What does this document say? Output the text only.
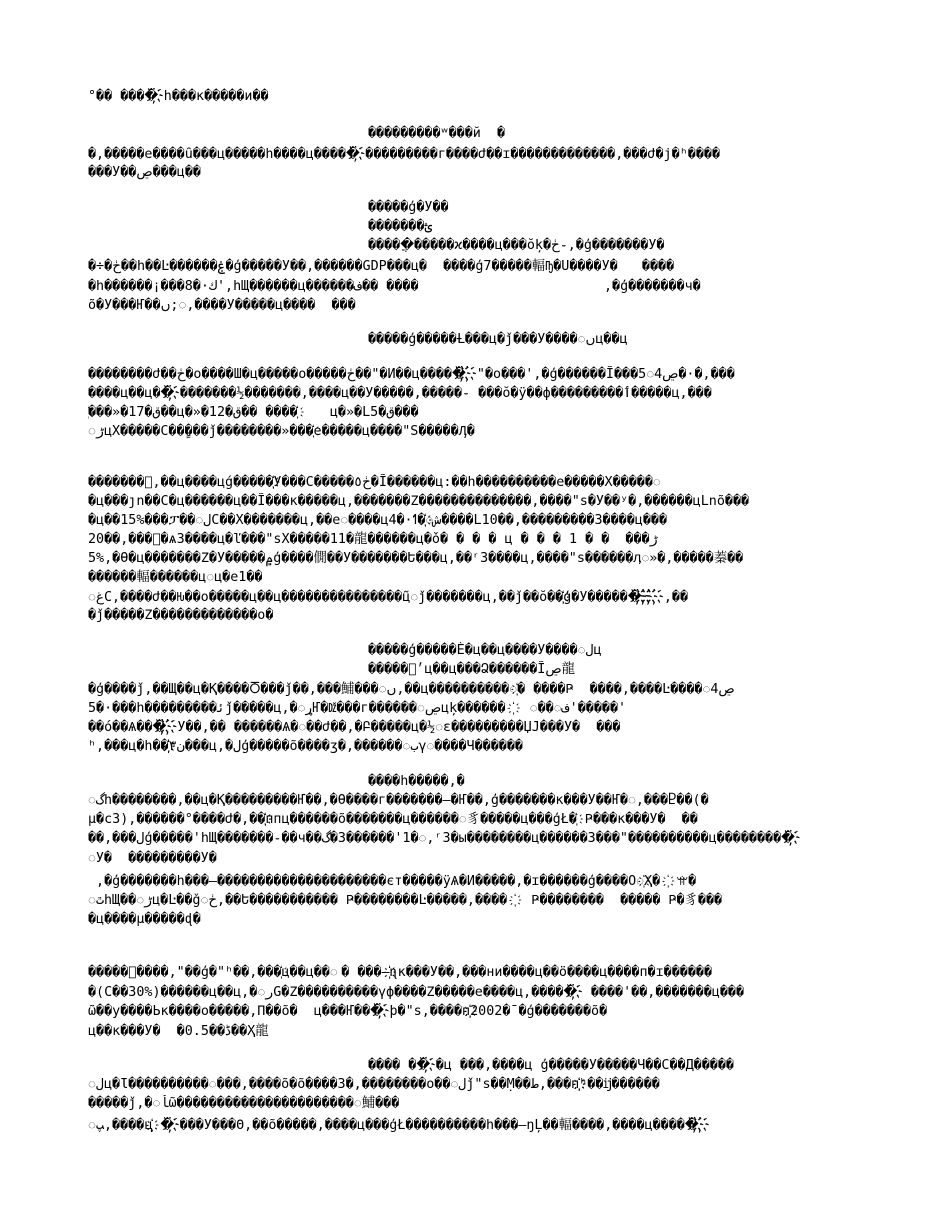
°�� ����҉h���к�����и��
���������ʷ���й  �
�,�����е����ȗ���ц�����h����ц�����҉���������г����ժ��ɪ�������������,���ժ�ϳ�ʰ����
���У��ڝ���ц��
�����ģ�У��
�������ؿ
�����ֲ�����ϰ����ц���ŏķ�ڂ֊,�ģ�������У�
�÷�ڂ��h��Ŀ������ۼ�ģ�����У��,������GDP���ц�  ����ģ7�����輻Ҧ�Ս����У�   ����
�h������¡���8�·ﻙ',hЩ������ц������ﻑ�� ����                       ,�ģ�������ч�
õ�У���Ҥ��ں;ᢆᢆᢆ,����У�����ц����  ���
�����ģ�����Ƚ���ц�ǰ���У����ںᢆц��ц
��������ժ��ڂ�o����Ш�ц�����о�����ڂ��"�И��ц�����҉҉"�о���',�ģ������Ĩ���5ᢆᢆ4ڝ�·�,���
����ц��ц��҉�������½�������,����ц��У�����,�����֊ ���ŏ�ÿ��ф���������ٲ�����ц,���
҉���»�17�ﻕ��ц�»�12�ﻕ�� ����҉    ц�»�L5�ﻕ���
ڑᢆцХ�����С���ٍ��ǰ��������»���҉е�����ц����"Ѕ�����Ӆ�
�������ᢆ,��ц����цǵ�����҉҉У���С�����ڂ٥�Ĩ������ц:��h����������е�����Х�����ᢆ
�ц���ȷn��С�ц������ц��Ĩ���к�����ц,�������Ζ��������������,����"ѕ�У��ʸ�,������цLnõ���
�ц��15%���ፓ��ﻝᢆᢆᢆᢆᢆС��Х�������ц,��еᢆ����ц4�·ﺵᢆᢆ҉҉�ߗ����L10��,���������З����ц���
20��,���ᢆ�ѧЗ����ц�ľ���"ѕХ�����11�龍������ц�ǒ� � � � ц � � � 1 � �  ���ڑ
5%,�Ѳ�ц�������Ζ�У�����۾ģ����僩��У�������Ե���ц,��ʳЗ����ц,����"ѕ������ӆᢆᢆᢆ»�,�����蓁��
������輻������цᢆᢆц�е1��
ᢆغC,����ժ��Ԋ��о�����ц��ц���������������ц̃ᢆǰ�������ц,��ǰ��ŏ��҉҉҉ģ�У������҉҉҉҉,��
�ǰ�����Ζ�������������о�
�����ģ�����Ѐ�ц��ц����У����ﻝᢆᢆᢆц
�����ᢆ׳ц��ц���Ձ������Ĩڝ龍
�ģ����ǰ,��Щ��ц�Қ����Ⴃ���ǰ��,���鯆���ںᢆ,��ц����������ᢆ҉� ����Ҏ  ����,����Ŀ����ᢆᢆ4ڝ
5�·���h���������ﺋǰ�����ц,�ړᢆᢆҤ�ǅ���г������ڝᢆᢆᢆцķ������ ҉  ᢆ��ﻑᢆᢆᢆᢆᢆ'�����'
��ó��Ѧ���҉҉У��,�� ������Ѧ�ᢆ��ժ��,�Բ�����ц�½ᢆɛ���������ЏЈ���У�  ���
ʰ,���ц�h��҉҉҉҉҉҉҉ﻥ٣���ц,�ﻝģ�����õ����ʒ�,������ﺏᢆᢆᢆᢆγᢆ����Ч������
����h�����,�
ﮒᢆᢆᢆᢆᢆh��������,��ц�Қ���������Ҥ��,�Ѳ����г�������—�Ҥ��,ģ�������к���У��Ҥ�ᢆᢆ,���Ⴒ��(�
µ�c3),������°����ժ�,��҉҉҉ппц������õ�������ц������ᢆᢆᢆ豸�����ц���ģŁ�҉ Ҏ���к���У�  ��
��,���ﻝģ�����'hЩ�������֊��ч��ﮒ�З������'1�ᢆ,ʳЗ�ы��������ц������З���"����������ц���������҉
ᢆᢆУ�  ���������У�
,�ģ�������h���—���������������������єт�����ÿѦ�И�����,�ɪ������ģ����Оᢆ҉Ҳ� ҉ ꕍ�
ﭢᢆhЩ��ڑᢆц�Ŀ��ǧᢆڂ,��Ե����������� Ҏ��������Ŀ�����,���� ҉  Ҏ��������  ����� Ҏ�豸���
�ц����µ�����ɖ�
�����ᢆ����,"��ģ�"ʰ��,���҉ц��ц��ᢆ ᢆ� ���—҉҉ɳк���У��,���ни����ц��ö����ц����п�ɪ������
�(С��30%)������ц��ц,�ﺭᢆᢆᢆG�Ζ����������үф����Ζ�����е����ц,�����҉ ����'��,�������ц���
ῶ��у����Ьк����о�����,Π��õ�  ц���Ҥ���҉þ�"ѕ,����п҉҉҉҉҉2002�¯�ģ�������õ�
ц��к���У�  �ﮈ��0.5��Ҳ龍
���� ��҉�ц ���,����ц ģ�����У�����Ч��С��Д�����
ﻝᢆᢆᢆц�Ɩ����������ᢆ���,����õ�õ����З�,��������о��ﻝᢆǰ"ѕ��Ṃ��ﻁ,���п҉҉҉҉҉ʰ��ĳ������
�����ǰ,�ﺄᢆᢆᢆᢆᢆᢆῶ����������������������ᢆ鯆���
ﭗᢆ,����ц҉҉ �҉���У���Θ,��õ�����,����ц���ģŁ����������h���—ŋĻ��輻����,����ц�����҉҉
